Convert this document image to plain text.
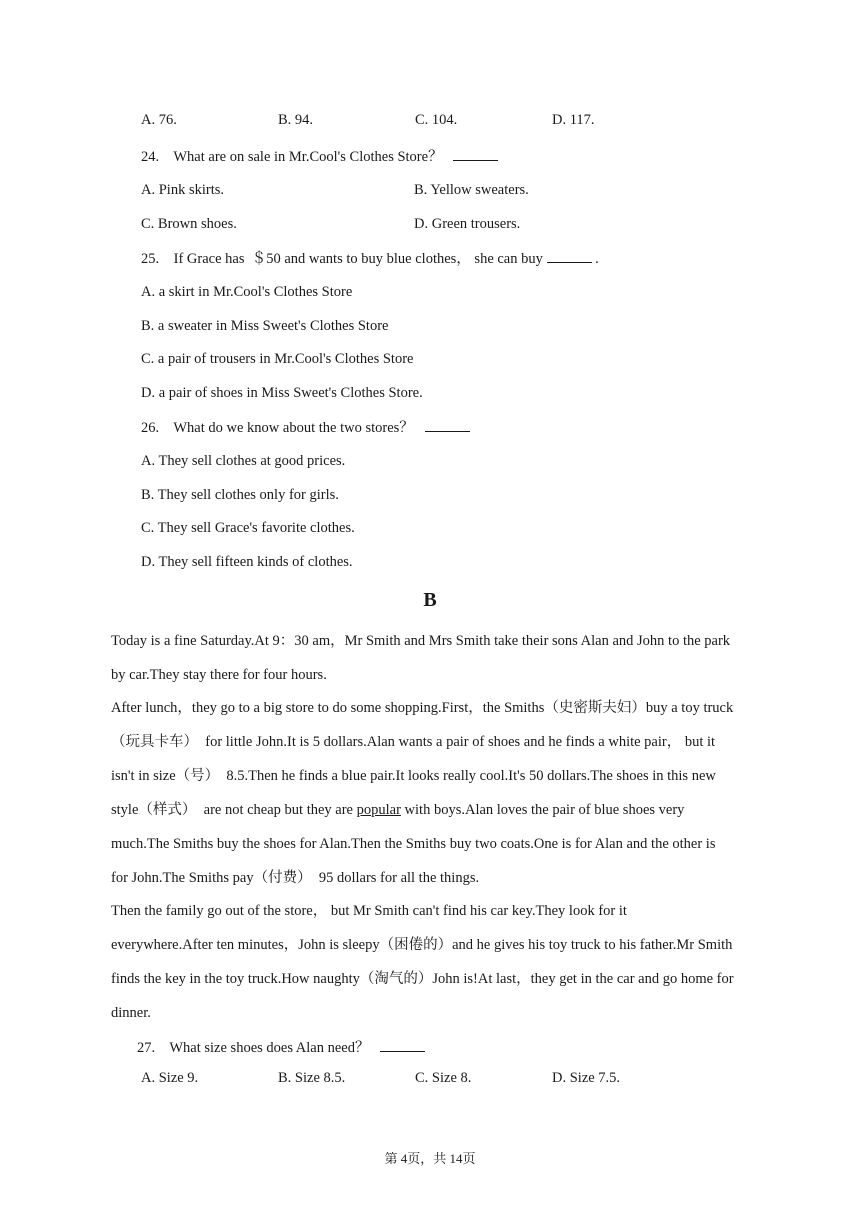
A. 76.	B. 94.	C. 104.	D. 117.
24.    What are on sale in Mr.Cool's Clothes Store？
A. Pink skirts.	B. Yellow sweaters.
C. Brown shoes.	D. Green trousers.
25.    If Grace has  ＄50 and wants to buy blue clothes， she can buy	.
A. a skirt in Mr.Cool's Clothes Store
B. a sweater in Miss Sweet's Clothes Store
C. a pair of trousers in Mr.Cool's Clothes Store
D. a pair of shoes in Miss Sweet's Clothes Store.
26.    What do we know about the two stores？
A. They sell clothes at good prices.
B. They sell clothes only for girls.
C. They sell Grace's favorite clothes.
D. They sell fifteen kinds of clothes.
B
Today is a fine Saturday.At 9：30 am，Mr Smith and Mrs Smith take their sons Alan and John to the park
by car.They stay there for four hours.
After lunch，they go to a big store to do some shopping.First，the Smiths（史密斯夫妇）buy a toy truck
（玩具卡车）  for little John.It is 5 dollars.Alan wants a pair of shoes and he finds a white pair， but it
isn't in size（号）  8.5.Then he finds a blue pair.It looks really cool.It's 50 dollars.The shoes in this new
style（样式）  are not cheap but they are popular with boys.Alan loves the pair of blue shoes very
much.The Smiths buy the shoes for Alan.Then the Smiths buy two coats.One is for Alan and the other is
for John.The Smiths pay（付费）  95 dollars for all the things.
Then the family go out of the store， but Mr Smith can't find his car key.They look for it
everywhere.After ten minutes，John is sleepy（困倦的）and he gives his toy truck to his father.Mr Smith
finds the key in the toy truck.How naughty（淘气的）John is!At last，they get in the car and go home for
dinner.
27.    What size shoes does Alan need？
A. Size 9.	B. Size 8.5.	C. Size 8.	D. Size 7.5.
第 4页，共 14页
